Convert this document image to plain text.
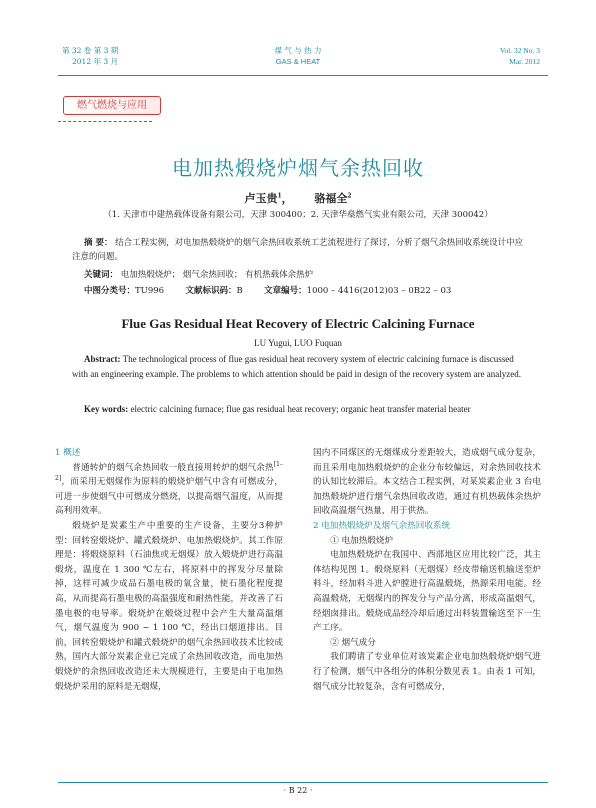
第 32 卷 第 3 期
2012 年 3 月
煤 气 与 热 力
GAS & HEAT
Vol. 32 No. 3
Mar. 2012
燃气燃烧与应用
电加热煅烧炉烟气余热回收
卢玉贵$^1$，  骆福全$^2$
（1. 天津市中建热载体设备有限公司，天津 300400；2. 天津华燊燃气实业有限公司，天津 300042）
摘 要： 结合工程实例，对电加热煅烧炉的烟气余热回收系统工艺流程进行了探讨，分析了烟气余热回收系统设计中应注意的问题。
关键词： 电加热煅烧炉； 烟气余热回收； 有机热载体余热炉
中图分类号：TU996	文献标识码：B	文章编号：1000 – 4416(2012)03 – 0B22 – 03
Flue Gas Residual Heat Recovery of Electric Calcining Furnace
LU Yugui, LUO Fuquan
Abstract: The technological process of flue gas residual heat recovery system of electric calcining furnace is discussed with an engineering example. The problems to which attention should be paid in design of the recovery system are analyzed.
Key words: electric calcining furnace; flue gas residual heat recovery; organic heat transfer material heater

1 概述

普通转炉的烟气余热回收一般直接用转炉的烟气余热[1–2]，而采用无烟煤作为原料的煅烧炉烟气中含有可燃成分，可进一步使烟气中可燃成分燃烧，以提高烟气温度，从而提高利用效率。

煅烧炉是炭素生产中重要的生产设备，主要分3种炉型：回转窑煅烧炉、罐式煅烧炉、电加热煅烧炉。其工作原理是：将煅烧原料（石油焦或无烟煤）放入煅烧炉进行高温煅烧，温度在 1 300 ℃左右，将原料中的挥发分尽量除掉，这样可减少成品石墨电极的氧含量，使石墨化程度提高，从而提高石墨电极的高温强度和耐热性能，并改善了石墨电极的电导率。煅烧炉在煅烧过程中会产生大量高温烟气，烟气温度为 900 ~ 1 100 ℃，经出口烟道排出。目前，回转窑煅烧炉和罐式煅烧炉的烟气余热回收技术比较成熟，国内大部分炭素企业已完成了余热回收改造，而电加热煅烧炉的余热回收改造还未大规模进行，主要是由于电加热煅烧炉采用的原料是无烟煤，

国内不同煤区的无烟煤成分差距较大，造成烟气成分复杂，而且采用电加热煅烧炉的企业分布较偏远，对余热回收技术的认知比较滞后。本文结合工程实例，对某炭素企业 3 台电加热煅烧炉进行烟气余热回收改造，通过有机热载体余热炉回收高温烟气热量，用于供热。

2 电加热煅烧炉及烟气余热回收系统

① 电加热煅烧炉

电加热煅烧炉在我国中、西部地区应用比较广泛，其主体结构见图 1。煅烧原料（无烟煤）经皮带输送机输送至炉料斗，经加料斗进入炉膛进行高温煅烧，热源采用电能。经高温煅烧，无烟煤内的挥发分与产品分离，形成高温烟气，经烟囱排出。煅烧成品经冷却后通过出料装置输送至下一生产工序。

② 烟气成分

我们聘请了专业单位对该炭素企业电加热煅烧炉烟气进行了检测，烟气中各组分的体积分数见表 1。由表 1 可知，烟气成分比较复杂，含有可燃成分，

· B 22 ·
